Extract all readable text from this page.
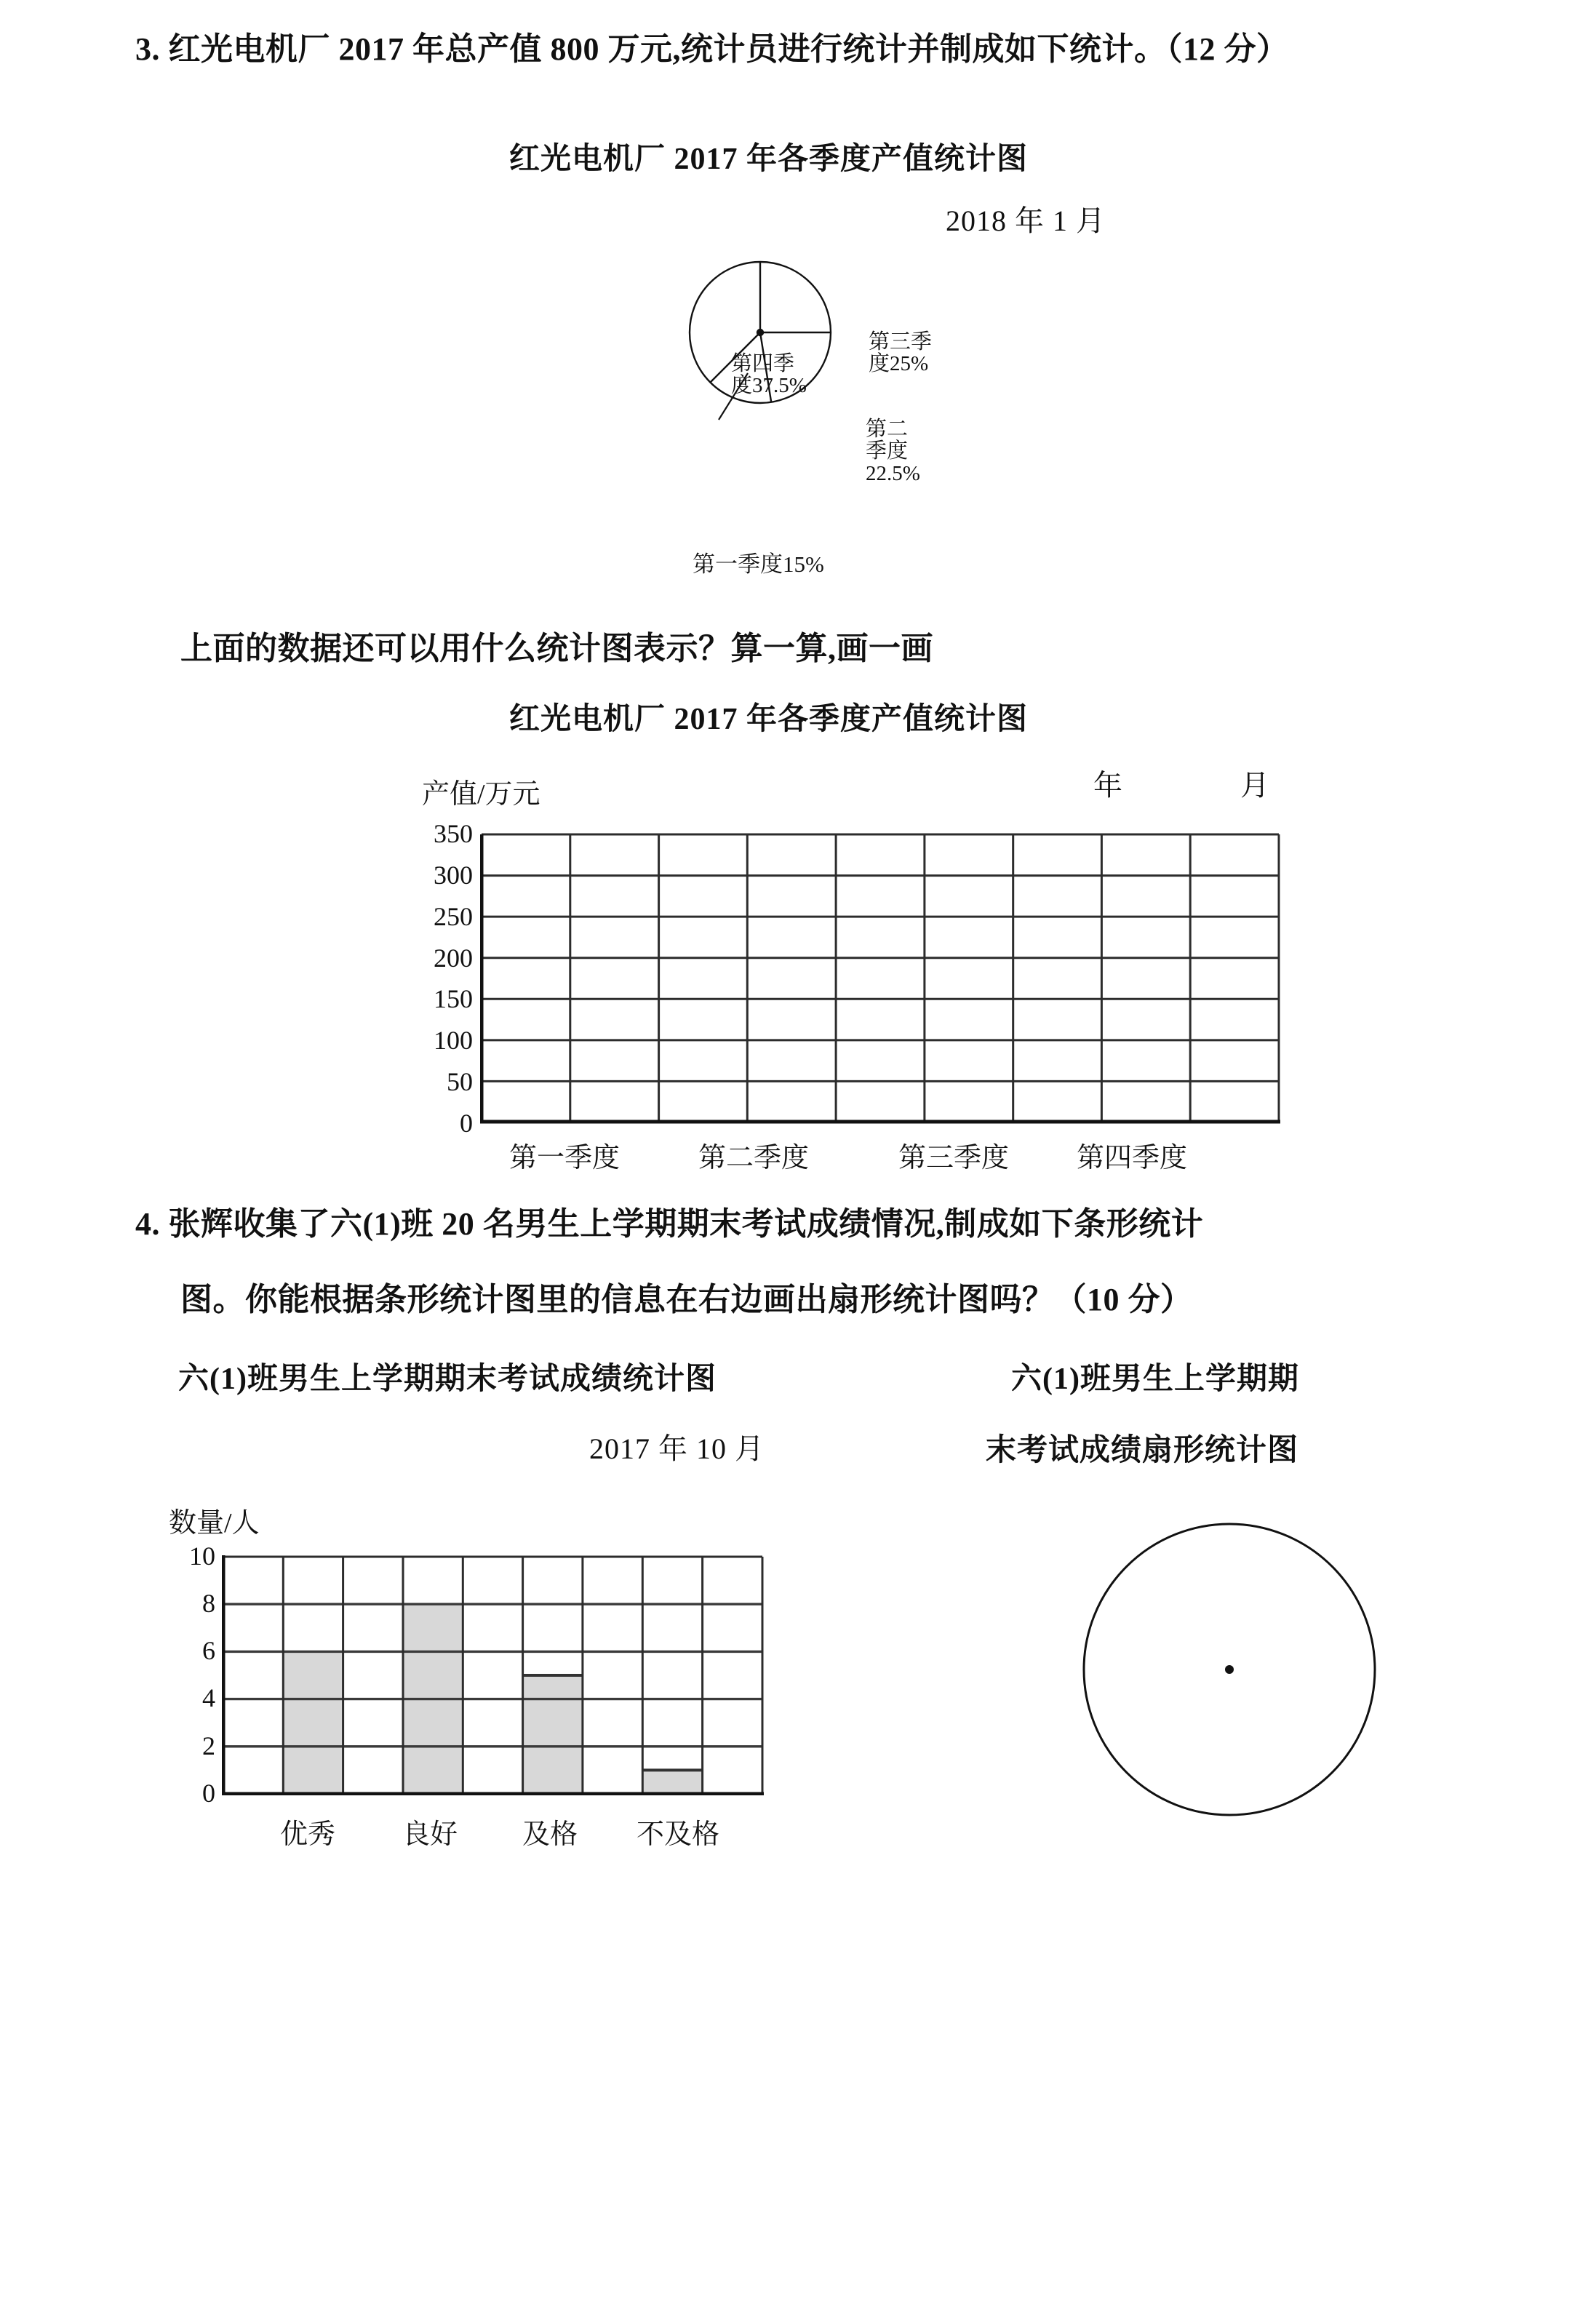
3. 红光电机厂 2017 年总产值 800 万元,统计员进行统计并制成如下统计。（12 分）
红光电机厂 2017 年各季度产值统计图
2018 年 1 月
第三季
度25%
第四季
度37.5%
第二
季度
22.5%
第一季度15%
上面的数据还可以用什么统计图表示？算一算,画一画
红光电机厂 2017 年各季度产值统计图
产值/万元	年	月
350
300
250
200
150
100
50
0
第一季度	第二季度	第三季度 第四季度
4. 张辉收集了六(1)班 20 名男生上学期期末考试成绩情况,制成如下条形统计
图。你能根据条形统计图里的信息在右边画出扇形统计图吗？（10 分）
六(1)班男生上学期期末考试成绩统计图
2017 年 10 月
六(1)班男生上学期期
末考试成绩扇形统计图
数量/人
10
8
6
4
2
0
优秀 良好 及格 不及格
